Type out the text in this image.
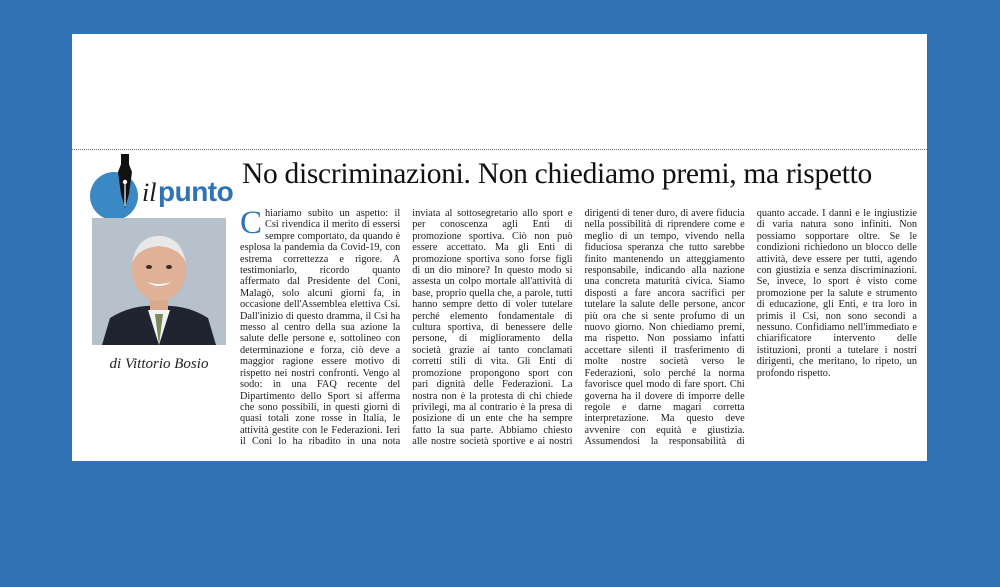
il punto
No discriminazioni. Non chiediamo premi, ma rispetto
di Vittorio Bosio

Chiariamo subito un aspetto: il Csi rivendica il merito di essersi sempre comportato, da quando è esplosa la pandemia da Covid-19, con estrema correttezza e rigore. A testimoniarlo, ricordo quanto affermato dal Presidente del Coni, Malagò, solo alcuni giorni fa, in occasione dell'Assemblea elettiva Csi. Dall'inizio di questo dramma, il Csi ha messo al centro della sua azione la salute delle persone e, sottolineo con determinazione e forza, ciò deve a maggior ragione essere motivo di rispetto nei nostri confronti. Vengo al sodo: in una FAQ recente del Dipartimento dello Sport si afferma che sono possibili, in questi giorni di quasi totali zone rosse in Italia, le attività gestite con le Federazioni. Ieri il Coni lo ha ribadito in una nota inviata al sottosegretario allo sport e per conoscenza agli Enti di promozione sportiva. Ciò non può essere accettato. Ma gli Enti di promozione sportiva sono forse figli di un dio minore? In questo modo si assesta un colpo mortale all'attività di base, proprio quella che, a parole, tutti hanno sempre detto di voler tutelare perché elemento fondamentale di cultura sportiva, di benessere delle persone, di miglioramento della società grazie ai tanto conclamati corretti stili di vita. Gli Enti di promozione propongono sport con pari dignità delle Federazioni. La nostra non è la protesta di chi chiede privilegi, ma al contrario è la presa di posizione di un ente che ha sempre fatto la sua parte. Abbiamo chiesto alle nostre società sportive e ai nostri dirigenti di tener duro, di avere fiducia nella possibilità di riprendere come e meglio di un tempo, vivendo nella fiduciosa speranza che tutto sarebbe finito mantenendo un atteggiamento responsabile, indicando alla nazione una concreta maturità civica. Siamo disposti a fare ancora sacrifici per tutelare la salute delle persone, ancor più ora che si sente profumo di un nuovo giorno. Non chiediamo premi, ma rispetto. Non possiamo infatti accettare silenti il trasferimento di molte nostre società verso le Federazioni, solo perché la norma favorisce quel modo di fare sport. Chi governa ha il dovere di imporre delle regole e darne magari corretta interpretazione. Ma questo deve avvenire con equità e giustizia. Assumendosi la responsabilità di quanto accade. I danni e le ingiustizie di varia natura sono infiniti. Non possiamo sopportare oltre. Se le condizioni richiedono un blocco delle attività, deve essere per tutti, agendo con giustizia e senza discriminazioni. Se, invece, lo sport è visto come promozione per la salute e strumento di educazione, gli Enti, e tra loro in primis il Csi, non sono secondi a nessuno. Confidiamo nell'immediato e chiarificatore intervento delle istituzioni, pronti a tutelare i nostri dirigenti, che meritano, lo ripeto, un profondo rispetto.
